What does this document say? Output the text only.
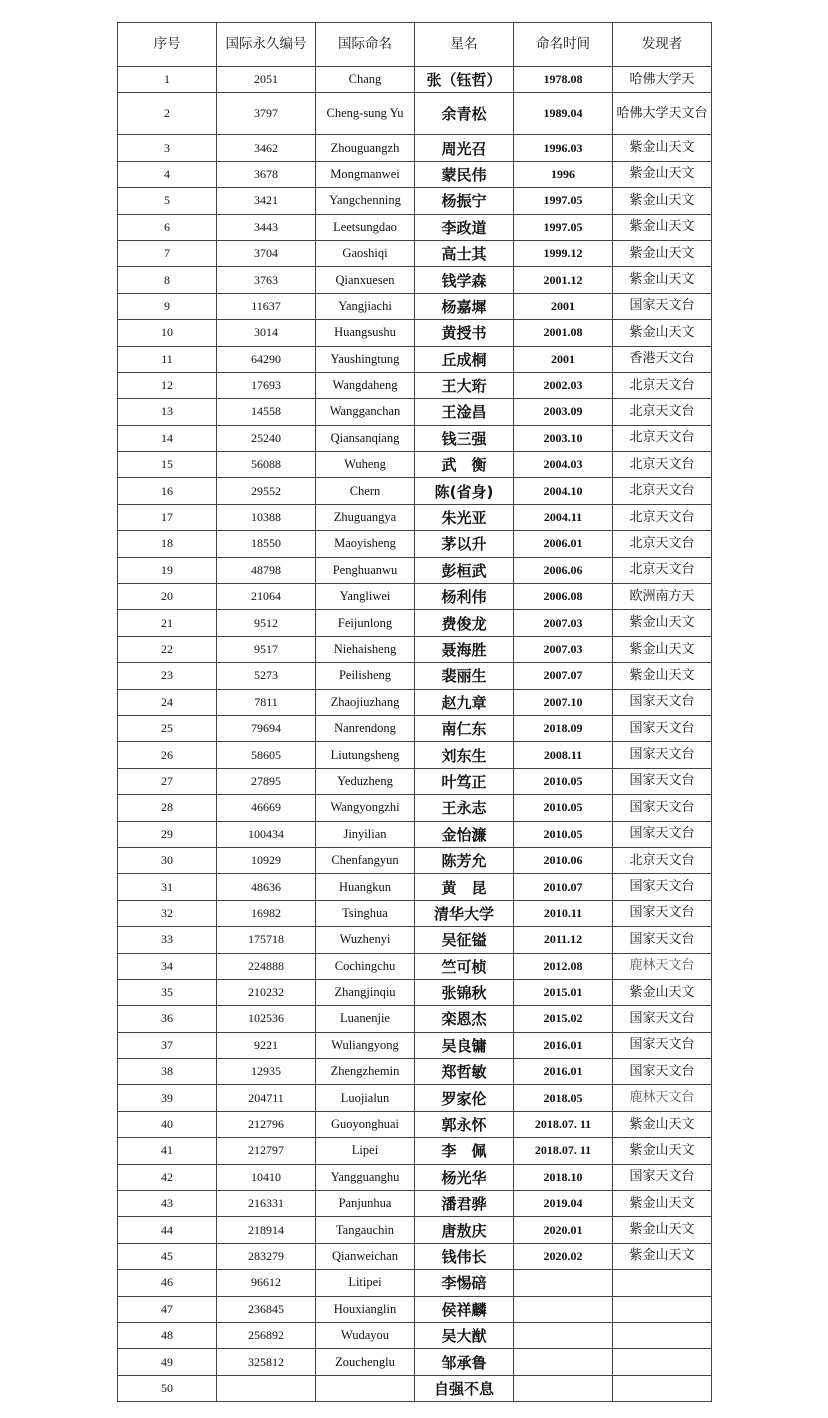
序号	国际永久编号	国际命名	星名	命名时间	发现者
1	2051	Chang	张（钰哲）	1978.08	哈佛大学天
2	3797	Cheng-sung Yu	余青松	1989.04	哈佛大学天文台
3	3462	Zhouguangzh	周光召	1996.03	紫金山天文
4	3678	Mongmanwei	蒙民伟	1996	紫金山天文
5	3421	Yangchenning	杨振宁	1997.05	紫金山天文
6	3443	Leetsungdao	李政道	1997.05	紫金山天文
7	3704	Gaoshiqi	高士其	1999.12	紫金山天文
8	3763	Qianxuesen	钱学森	2001.12	紫金山天文
9	11637	Yangjiachi	杨嘉墀	2001	国家天文台
10	3014	Huangsushu	黄授书	2001.08	紫金山天文
11	64290	Yaushingtung	丘成桐	2001	香港天文台
12	17693	Wangdaheng	王大珩	2002.03	北京天文台
13	14558	Wangganchan	王淦昌	2003.09	北京天文台
14	25240	Qiansanqiang	钱三强	2003.10	北京天文台
15	56088	Wuheng	武　衡	2004.03	北京天文台
16	29552	Chern	陈(省身)	2004.10	北京天文台
17	10388	Zhuguangya	朱光亚	2004.11	北京天文台
18	18550	Maoyisheng	茅以升	2006.01	北京天文台
19	48798	Penghuanwu	彭桓武	2006.06	北京天文台
20	21064	Yangliwei	杨利伟	2006.08	欧洲南方天
21	9512	Feijunlong	费俊龙	2007.03	紫金山天文
22	9517	Niehaisheng	聂海胜	2007.03	紫金山天文
23	5273	Peilisheng	裴丽生	2007.07	紫金山天文
24	7811	Zhaojiuzhang	赵九章	2007.10	国家天文台
25	79694	Nanrendong	南仁东	2018.09	国家天文台
26	58605	Liutungsheng	刘东生	2008.11	国家天文台
27	27895	Yeduzheng	叶笃正	2010.05	国家天文台
28	46669	Wangyongzhi	王永志	2010.05	国家天文台
29	100434	Jinyilian	金怡濂	2010.05	国家天文台
30	10929	Chenfangyun	陈芳允	2010.06	北京天文台
31	48636	Huangkun	黄　昆	2010.07	国家天文台
32	16982	Tsinghua	清华大学	2010.11	国家天文台
33	175718	Wuzhenyi	吴征镒	2011.12	国家天文台
34	224888	Cochingchu	竺可桢	2012.08	鹿林天文台
35	210232	Zhangjinqiu	张锦秋	2015.01	紫金山天文
36	102536	Luanenjie	栾恩杰	2015.02	国家天文台
37	9221	Wuliangyong	吴良镛	2016.01	国家天文台
38	12935	Zhengzhemin	郑哲敏	2016.01	国家天文台
39	204711	Luojialun	罗家伦	2018.05	鹿林天文台
40	212796	Guoyonghuai	郭永怀	2018.07. 11	紫金山天文
41	212797	Lipei	李　佩	2018.07. 11	紫金山天文
42	10410	Yangguanghu	杨光华	2018.10	国家天文台
43	216331	Panjunhua	潘君骅	2019.04	紫金山天文
44	218914	Tangauchin	唐敖庆	2020.01	紫金山天文
45	283279	Qianweichan	钱伟长	2020.02	紫金山天文
46	96612	Litipei	李惕碚		
47	236845	Houxianglin	侯祥麟		
48	256892	Wudayou	吴大猷		
49	325812	Zouchenglu	邹承鲁		
50			自强不息		
